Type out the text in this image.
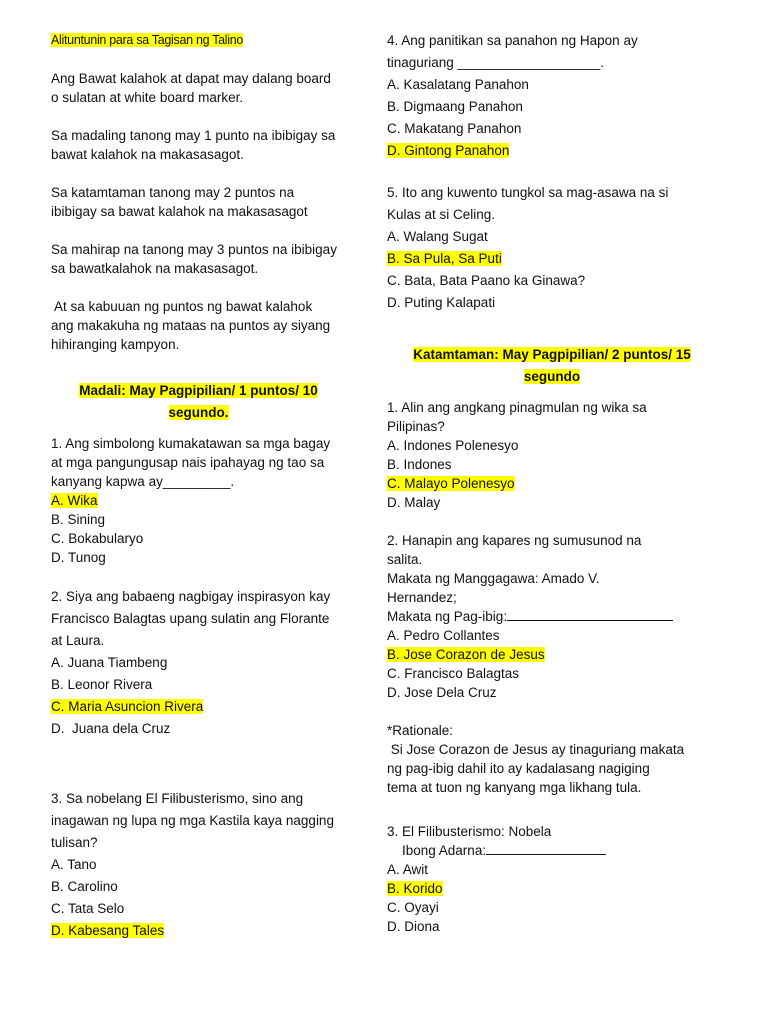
Alituntunin para sa Tagisan ng Talino

Ang Bawat kalahok at dapat may dalang board

o sulatan at white board marker.

Sa madaling tanong may 1 punto na ibibigay sa

bawat kalahok na makasasagot.

Sa katamtaman tanong may 2 puntos na

ibibigay sa bawat kalahok na makasasagot

Sa mahirap na tanong may 3 puntos na ibibigay

sa bawatkalahok na makasasagot.

At sa kabuuan ng puntos ng bawat kalahok

ang makakuha ng mataas na puntos ay siyang

hihiranging kampyon.

Madali: May Pagpipilian/ 1 puntos/ 10

segundo.

1. Ang simbolong kumakatawan sa mga bagay

at mga pangungusap nais ipahayag ng tao sa

kanyang kapwa ay_________.

A. Wika

B. Sining

C. Bokabularyo

D. Tunog

2. Siya ang babaeng nagbigay inspirasyon kay

Francisco Balagtas upang sulatin ang Florante

at Laura.

A. Juana Tiambeng

B. Leonor Rivera

C. Maria Asuncion Rivera

D.  Juana dela Cruz

3. Sa nobelang El Filibusterismo, sino ang

inagawan ng lupa ng mga Kastila kaya nagging

tulisan?

A. Tano

B. Carolino

C. Tata Selo

D. Kabesang Tales

4. Ang panitikan sa panahon ng Hapon ay

tinaguriang ___________________.

A. Kasalatang Panahon

B. Digmaang Panahon

C. Makatang Panahon

D. Gintong Panahon

5. Ito ang kuwento tungkol sa mag-asawa na si

Kulas at si Celing.

A. Walang Sugat

B. Sa Pula, Sa Puti

C. Bata, Bata Paano ka Ginawa?

D. Puting Kalapati

Katamtaman: May Pagpipilian/ 2 puntos/ 15

segundo

1. Alin ang angkang pinagmulan ng wika sa

Pilipinas?

A. Indones Polenesyo

B. Indones

C. Malayo Polenesyo

D. Malay

2. Hanapin ang kapares ng sumusunod na

salita.

Makata ng Manggagawa: Amado V.

Hernandez;

Makata ng Pag-ibig:

A. Pedro Collantes

B. Jose Corazon de Jesus

C. Francisco Balagtas

D. Jose Dela Cruz

*Rationale:

Si Jose Corazon de Jesus ay tinaguriang makata

ng pag-ibig dahil ito ay kadalasang nagiging

tema at tuon ng kanyang mga likhang tula.

3. El Filibusterismo: Nobela

Ibong Adarna:

A. Awit

B. Korido

C. Oyayi

D. Diona
